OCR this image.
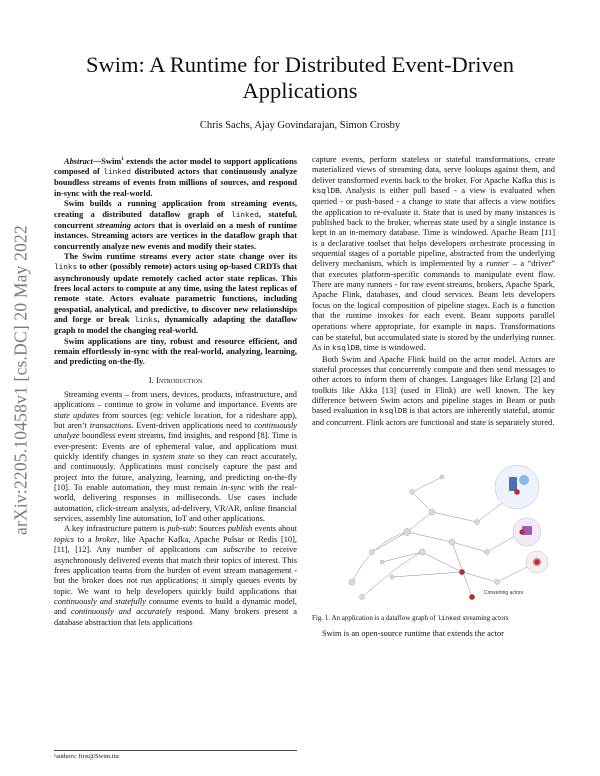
arXiv:2205.10458v1 [cs.DC] 20 May 2022
Swim: A Runtime for Distributed Event-Driven Applications
Chris Sachs, Ajay Govindarajan, Simon Crosby

Abstract—Swim$^1$ extends the actor model to support applications composed of linked distributed actors that continuously analyze boundless streams of events from millions of sources, and respond in-sync with the real-world.

Swim builds a running application from streaming events, creating a distributed dataflow graph of linked, stateful, concurrent streaming actors that is overlaid on a mesh of runtime instances. Streaming actors are vertices in the dataflow graph that concurrently analyze new events and modify their states.

The Swim runtime streams every actor state change over its links to other (possibly remote) actors using op-based CRDTs that asynchronously update remotely cached actor state replicas. This frees local actors to compute at any time, using the latest replicas of remote state. Actors evaluate parametric functions, including geospatial, analytical, and predictive, to discover new relationships and forge or break links, dynamically adapting the dataflow graph to model the changing real-world.

Swim applications are tiny, robust and resource efficient, and remain effortlessly in-sync with the real-world, analyzing, learning, and predicting on-the-fly.

I. Introduction

Streaming events – from users, devices, products, infrastructure, and applications – continue to grow in volume and importance. Events are state updates from sources (eg: vehicle location, for a rideshare app), but aren’t transactions. Event-driven applications need to continuously analyze boundless event streams, find insights, and respond [8]. Time is ever-present: Events are of ephemeral value, and applications must quickly identify changes in system state so they can react accurately, and continuously. Applications must concisely capture the past and project into the future, analyzing, learning, and predicting on-the-fly [10]. To enable automation, they must remain in-sync with the real-world, delivering responses in milliseconds. Use cases include automation, click-stream analysis, ad-delivery, VR/AR, online financial services, assembly line automation, IoT and other applications.

A key infrastructure pattern is pub-sub: Sources publish events about topics to a broker, like Apache Kafka, Apache Pulsar or Redis [10], [11], [12]. Any number of applications can subscribe to receive asynchronously delivered events that match their topics of interest. This frees application teams from the burden of event stream management - but the broker does not run applications; it simply queues events by topic. We want to help developers quickly build applications that continuously and statefully consume events to build a dynamic model, and continuously and accurately respond. Many brokers present a database abstraction that lets applications

¹authors: first@Swim.inc

capture events, perform stateless or stateful transformations, create materialized views of streaming data, serve lookups against them, and deliver transformed events back to the broker. For Apache Kafka this is ksqlDB. Analysis is either pull based - a view is evaluated when queried - or push-based - a change to state that affects a view notifies the application to re-evaluate it. State that is used by many instances is published back to the broker, whereas state used by a single instance is kept in an in-memory database. Time is windowed. Apache Beam [11] is a declarative toolset that helps developers orchestrate processing in sequential stages of a portable pipeline, abstracted from the underlying delivery mechanism, which is implemented by a runner – a “driver” that executes platform-specific commands to manipulate event flow. There are many runners - for raw event streams, brokers, Apache Spark, Apache Flink, databases, and cloud services. Beam lets developers focus on the logical composition of pipeline stages. Each is a function that the runtime invokes for each event. Beam supports parallel operations where appropriate, for example in maps. Transformations can be stateful, but accumulated state is stored by the underlying runner. As in ksqlDB, time is windowed.

Both Swim and Apache Flink build on the actor model. Actors are stateful processes that concurrently compute and then send messages to other actors to inform them of changes. Languages like Erlang [2] and toolkits like Akka [13] (used in Flink) are well known. The key difference between Swim actors and pipeline stages in Beam or push based evaluation in ksqlDB is that actors are inherently stateful, atomic and concurrent. Flink actors are functional and state is separately stored.

Converting actors

Fig. 1. An application is a dataflow graph of linked streaming actors

Swim is an open-source runtime that extends the actor
